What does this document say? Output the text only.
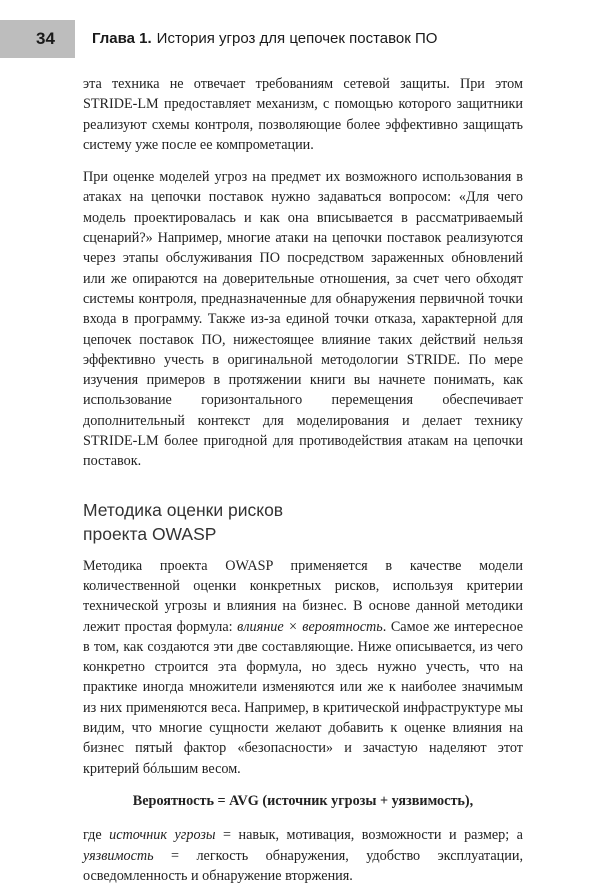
34	Глава 1. История угроз для цепочек поставок ПО

эта техника не отвечает требованиям сетевой защиты. При этом STRIDE-LM предоставляет механизм, с помощью которого защитники реализуют схемы контроля, позволяющие более эффективно защищать систему уже после ее компрометации.

При оценке моделей угроз на предмет их возможного использования в атаках на цепочки поставок нужно задаваться вопросом: «Для чего модель проектировалась и как она вписывается в рассматриваемый сценарий?» Например, многие атаки на цепочки поставок реализуются через этапы обслуживания ПО посредством зараженных обновлений или же опираются на доверительные отношения, за счет чего обходят системы контроля, предназначенные для обнаружения первичной точки входа в программу. Также из-за единой точки отказа, характерной для цепочек поставок ПО, нижестоящее влияние таких действий нельзя эффективно учесть в оригинальной методологии STRIDE. По мере изучения примеров в протяжении книги вы начнете понимать, как использование горизонтального перемещения обеспечивает дополнительный контекст для моделирования и делает технику STRIDE-LM более пригодной для противодействия атакам на цепочки поставок.

Методика оценки рисков
проекта OWASP

Методика проекта OWASP применяется в качестве модели количественной оценки конкретных рисков, используя критерии технической угрозы и влияния на бизнес. В основе данной методики лежит простая формула: влияние × вероятность. Самое же интересное в том, как создаются эти две составляющие. Ниже описывается, из чего конкретно строится эта формула, но здесь нужно учесть, что на практике иногда множители изменяются или же к наиболее значимым из них применяются веса. Например, в критической инфраструктуре мы видим, что многие сущности желают добавить к оценке влияния на бизнес пятый фактор «безопасности» и зачастую наделяют этот критерий бóльшим весом.

Вероятность = AVG (источник угрозы + уязвимость),

где источник угрозы = навык, мотивация, возможности и размер; а уязвимость = легкость обнаружения, удобство эксплуатации, осведомленность и обнаружение вторжения.
